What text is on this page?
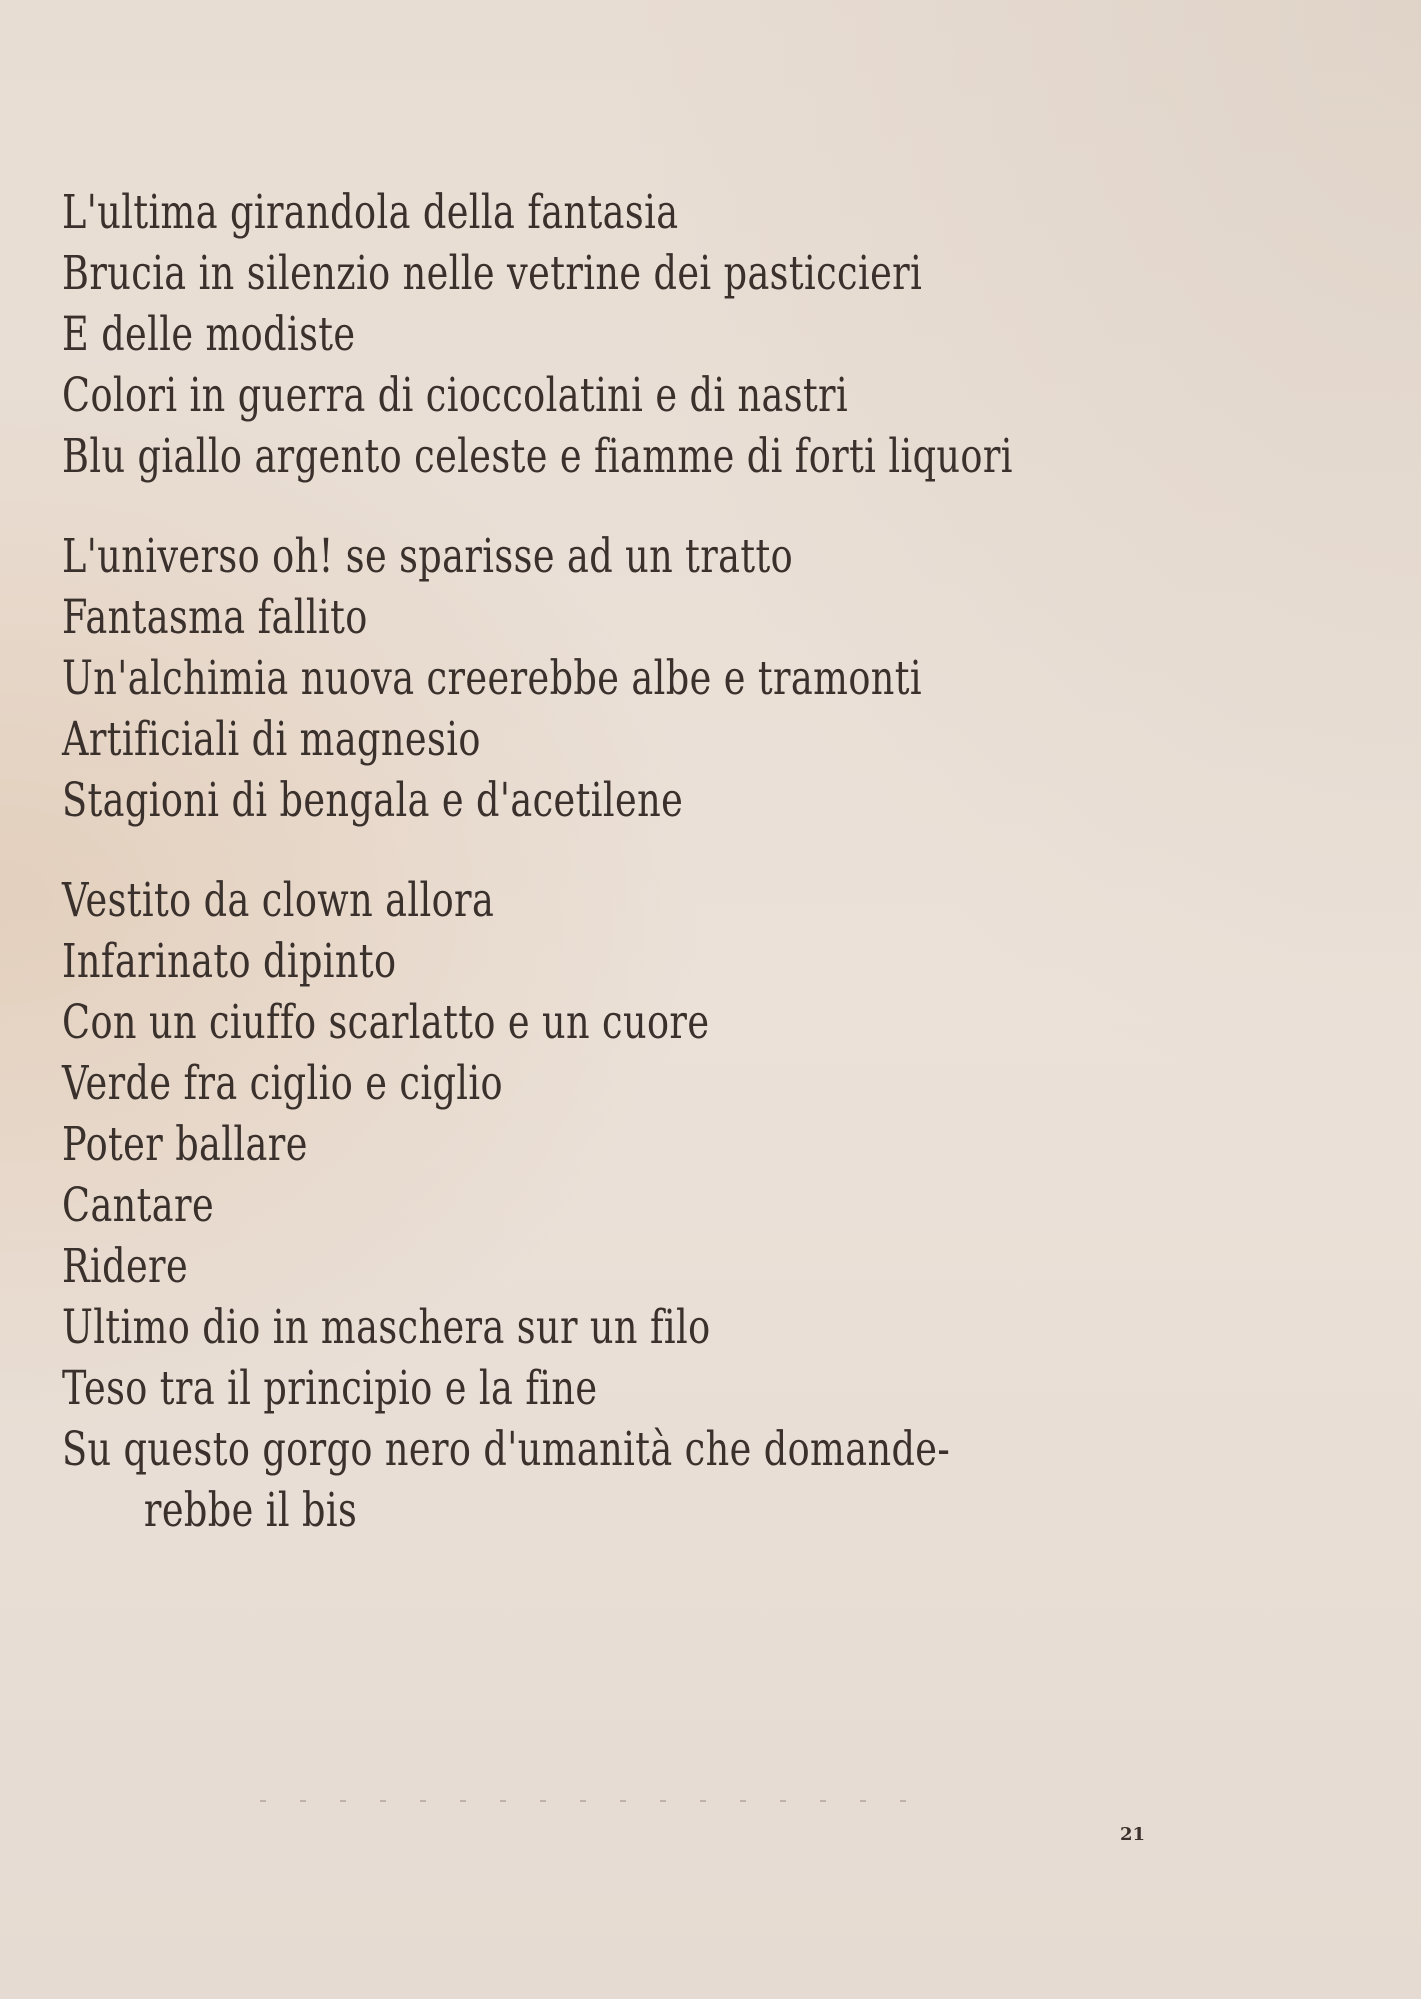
L'ultima girandola della fantasia
Brucia in silenzio nelle vetrine dei pasticcieri
E delle modiste
Colori in guerra di cioccolatini e di nastri
Blu giallo argento celeste e fiamme di forti liquori
L'universo oh! se sparisse ad un tratto
Fantasma fallito
Un'alchimia nuova creerebbe albe e tramonti
Artificiali di magnesio
Stagioni di bengala e d'acetilene
Vestito da clown allora
Infarinato dipinto
Con un ciuffo scarlatto e un cuore
Verde fra ciglio e ciglio
Poter ballare
Cantare
Ridere
Ultimo dio in maschera sur un filo
Teso tra il principio e la fine
Su questo gorgo nero d'umanità che domande-
rebbe il bis
21
